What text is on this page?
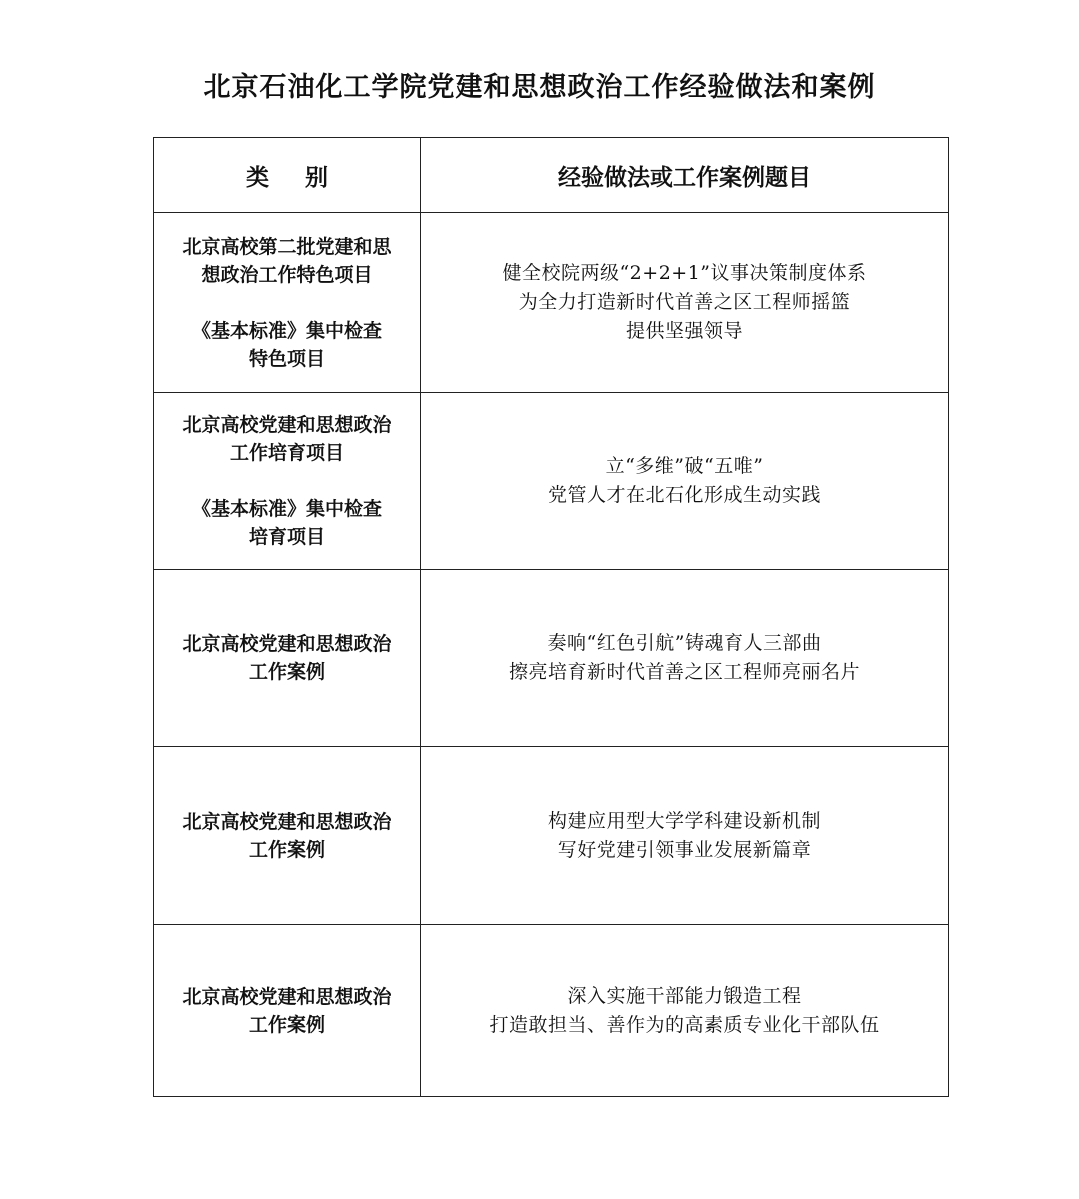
北京石油化工学院党建和思想政治工作经验做法和案例
类 别	经验做法或工作案例题目

北京高校第二批党建和思
想政治工作特色项目
《基本标准》集中检查
特色项目	健全校院两级“2+2+1”议事决策制度体系
为全力打造新时代首善之区工程师摇篮
提供坚强领导

北京高校党建和思想政治
工作培育项目
《基本标准》集中检查
培育项目	立“多维”破“五唯”
党管人才在北石化形成生动实践

北京高校党建和思想政治
工作案例	奏响“红色引航”铸魂育人三部曲
擦亮培育新时代首善之区工程师亮丽名片

北京高校党建和思想政治
工作案例	构建应用型大学学科建设新机制
写好党建引领事业发展新篇章

北京高校党建和思想政治
工作案例	深入实施干部能力锻造工程
打造敢担当、善作为的高素质专业化干部队伍
